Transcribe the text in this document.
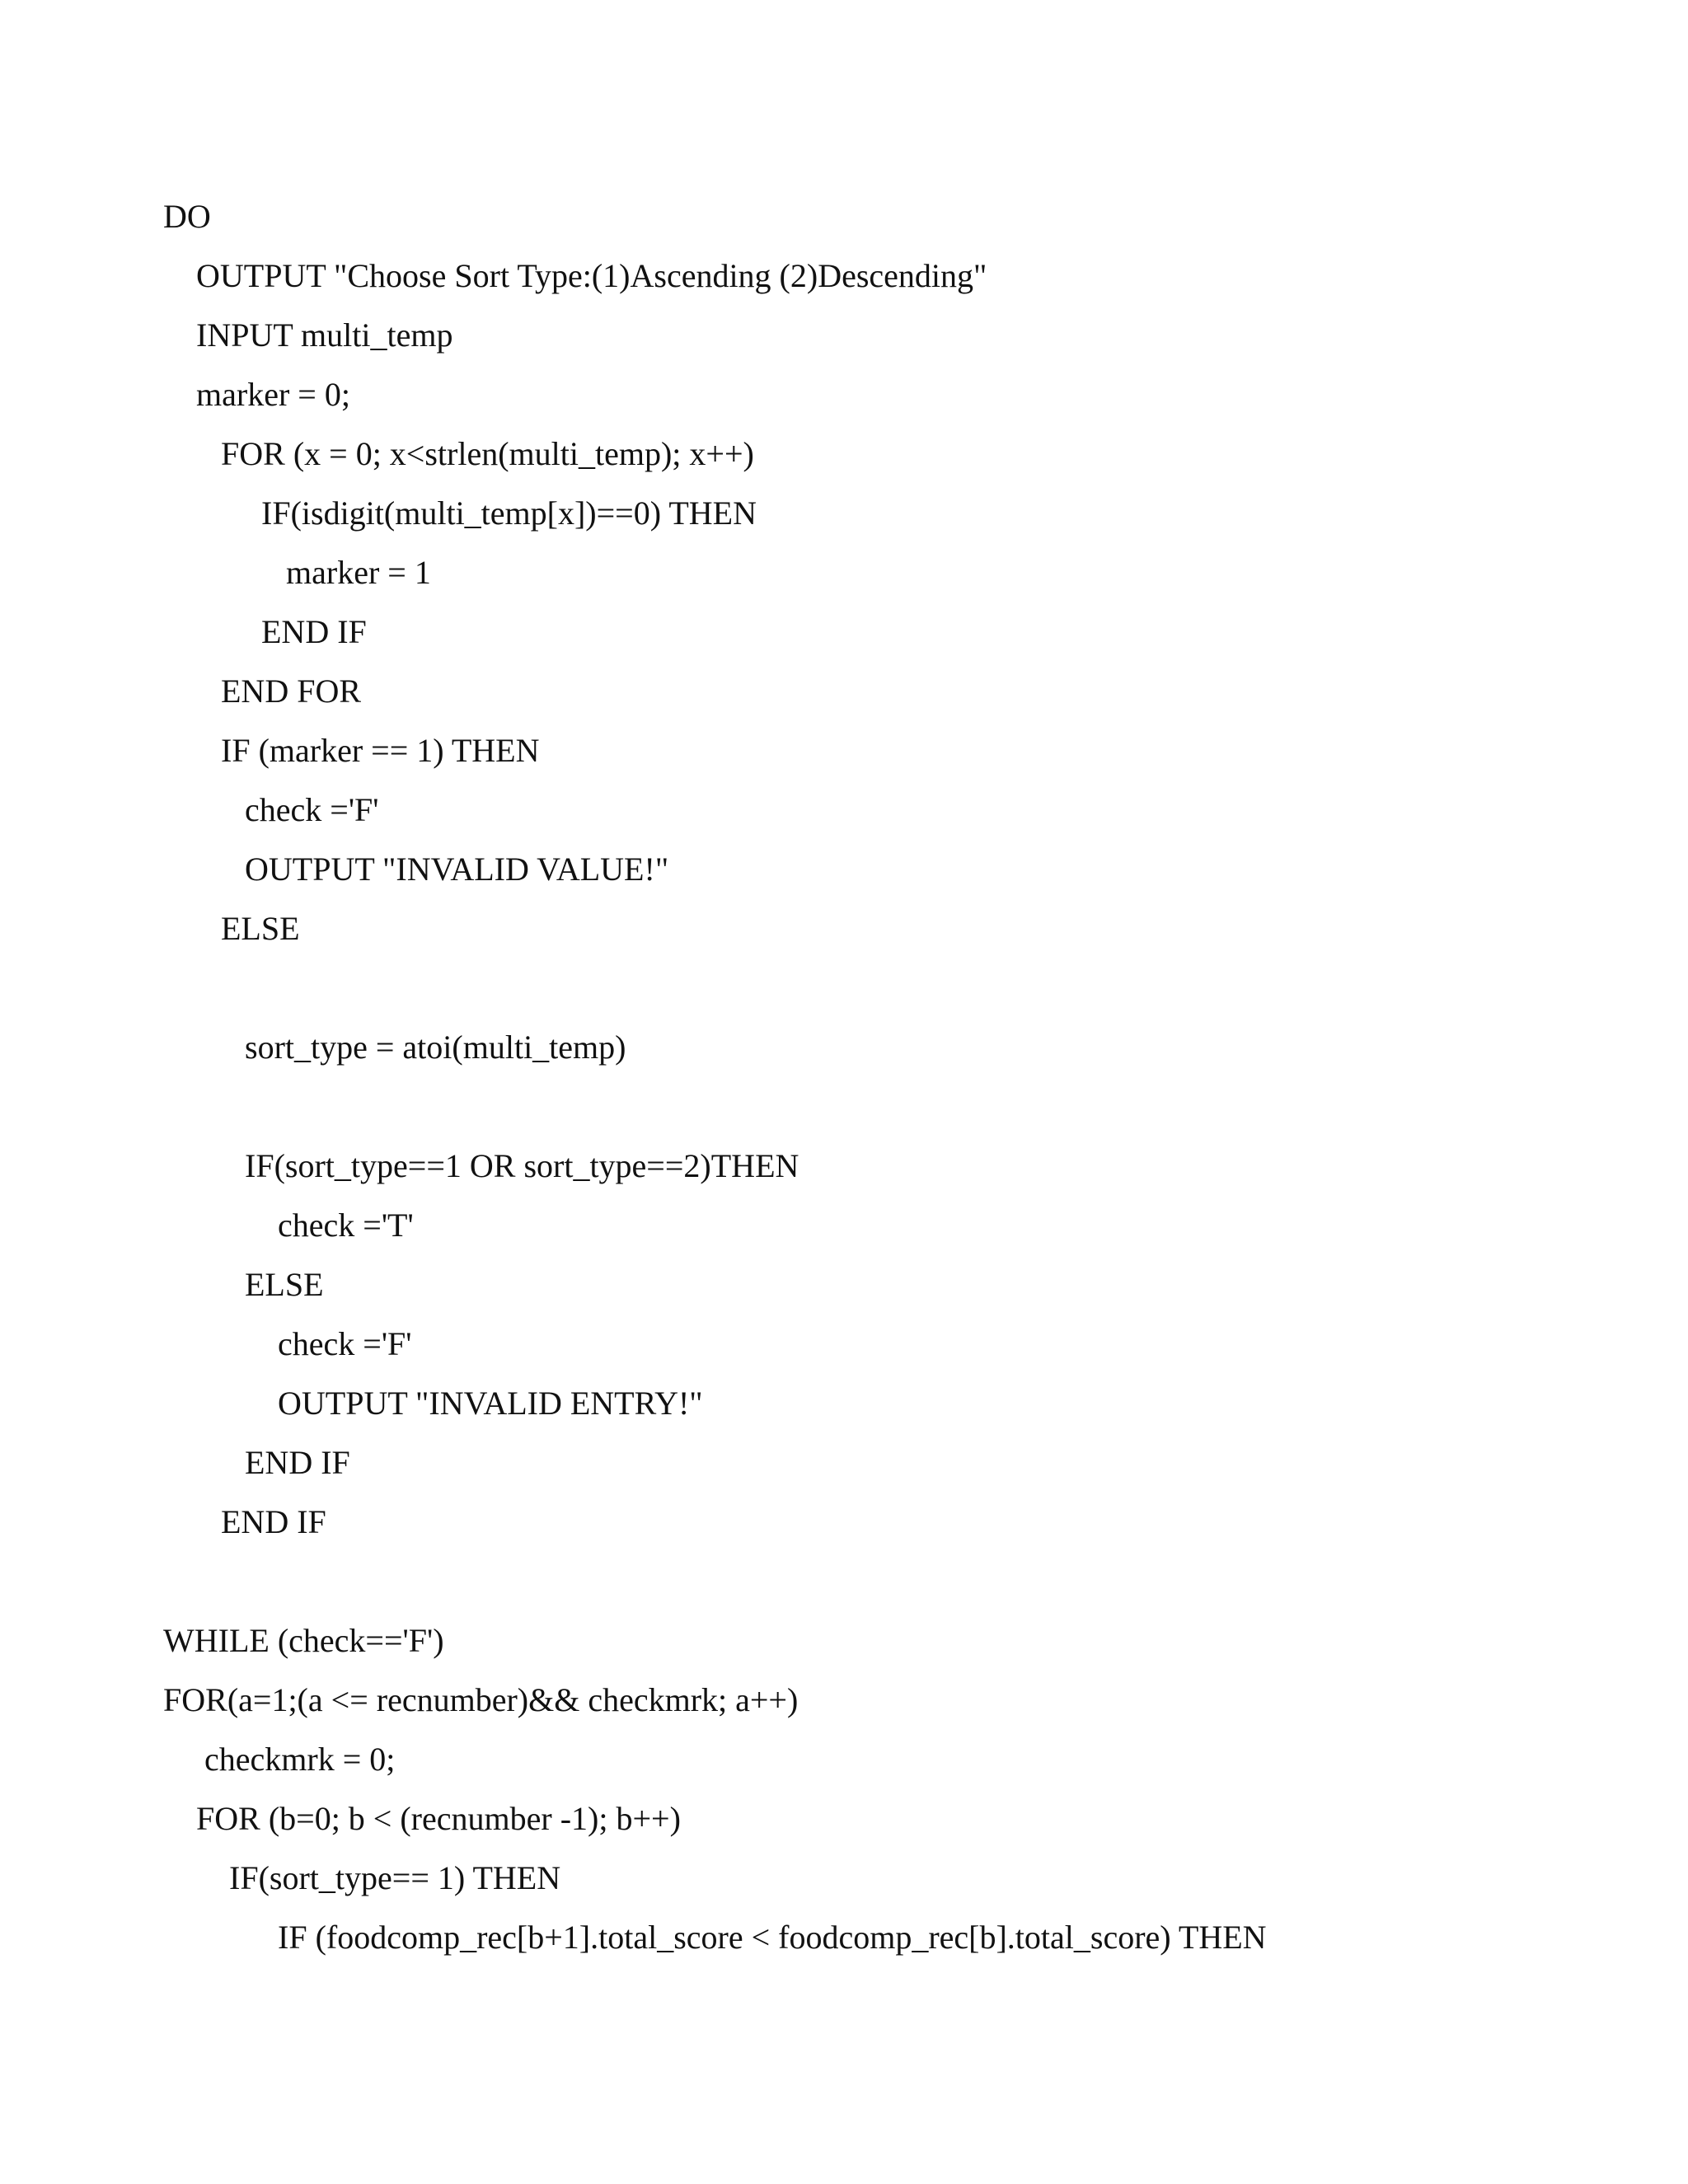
DO
OUTPUT "Choose Sort Type:(1)Ascending (2)Descending"
INPUT multi_temp
marker = 0;
FOR (x = 0; x<strlen(multi_temp); x++)
IF(isdigit(multi_temp[x])==0) THEN
marker = 1
END IF
END FOR
IF (marker == 1) THEN
check ='F'
OUTPUT "INVALID VALUE!"
ELSE
sort_type = atoi(multi_temp)
IF(sort_type==1 OR sort_type==2)THEN
check ='T'
ELSE
check ='F'
OUTPUT "INVALID ENTRY!"
END IF
END IF
WHILE (check=='F')
FOR(a=1;(a <= recnumber)&& checkmrk; a++)
checkmrk = 0;
FOR (b=0; b < (recnumber -1); b++)
IF(sort_type== 1) THEN
IF (foodcomp_rec[b+1].total_score < foodcomp_rec[b].total_score) THEN
